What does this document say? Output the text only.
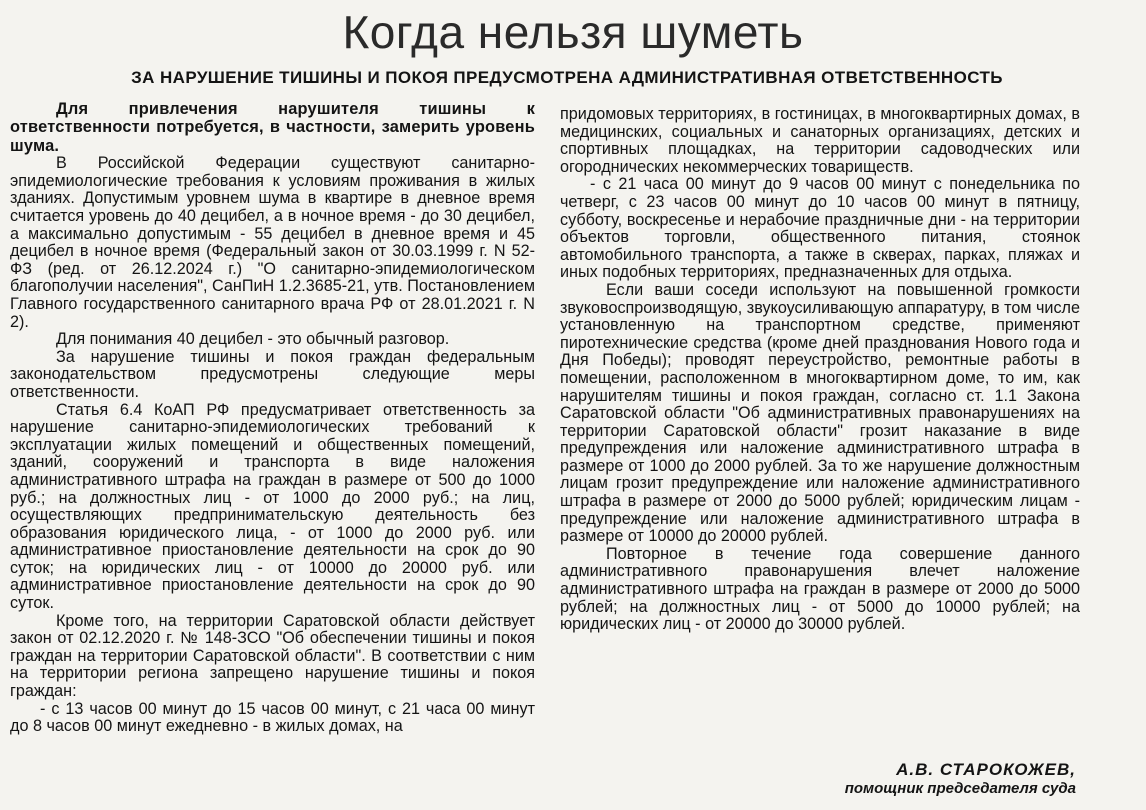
Когда нельзя шуметь
ЗА НАРУШЕНИЕ ТИШИНЫ И ПОКОЯ ПРЕДУСМОТРЕНА АДМИНИСТРАТИВНАЯ ОТВЕТСТВЕННОСТЬ

Для привлечения нарушителя тишины к ответственности потребуется, в частности, замерить уровень шума.

В Российской Федерации существуют санитарно-эпидемиологические требования к условиям проживания в жилых зданиях. Допустимым уровнем шума в квартире в дневное время считается уровень до 40 децибел, а в ночное время - до 30 децибел, а максимально допустимым - 55 децибел в дневное время и 45 децибел в ночное время (Федеральный закон от 30.03.1999 г. N 52-ФЗ (ред. от 26.12.2024 г.) "О санитарно-эпидемиологическом благополучии населения", СанПиН 1.2.3685-21, утв. Постановлением Главного государственного санитарного врача РФ от 28.01.2021 г. N 2).

Для понимания 40 децибел - это обычный разговор.

За нарушение тишины и покоя граждан федеральным законодательством предусмотрены следующие меры ответственности.

Статья 6.4 КоАП РФ предусматривает ответственность за нарушение санитарно-эпидемиологических требований к эксплуатации жилых помещений и общественных помещений, зданий, сооружений и транспорта в виде наложения административного штрафа на граждан в размере от 500 до 1000 руб.; на должностных лиц - от 1000 до 2000 руб.; на лиц, осуществляющих предпринимательскую деятельность без образования юридического лица, - от 1000 до 2000 руб. или административное приостановление деятельности на срок до 90 суток; на юридических лиц - от 10000 до 20000 руб. или административное приостановление деятельности на срок до 90 суток.

Кроме того, на территории Саратовской области действует закон от 02.12.2020 г. № 148-ЗСО "Об обеспечении тишины и покоя граждан на территории Саратовской области". В соответствии с ним на территории региона запрещено нарушение тишины и покоя граждан:

- с 13 часов 00 минут до 15 часов 00 минут, с 21 часа 00 минут до 8 часов 00 минут ежедневно - в жилых домах, на

придомовых территориях, в гостиницах, в многоквартирных домах, в медицинских, социальных и санаторных организациях, детских и спортивных площадках, на территории садоводческих или огороднических некоммерческих товариществ.

- с 21 часа 00 минут до 9 часов 00 минут с понедельника по четверг, с 23 часов 00 минут до 10 часов 00 минут в пятницу, субботу, воскресенье и нерабочие праздничные дни - на территории объектов торговли, общественного питания, стоянок автомобильного транспорта, а также в скверах, парках, пляжах и иных подобных территориях, предназначенных для отдыха.

Если ваши соседи используют на повышенной громкости звуковоспроизводящую, звукоусиливающую аппаратуру, в том числе установленную на транспортном средстве, применяют пиротехнические средства (кроме дней празднования Нового года и Дня Победы); проводят переустройство, ремонтные работы в помещении, расположенном в многоквартирном доме, то им, как нарушителям тишины и покоя граждан, согласно ст. 1.1 Закона Саратовской области "Об административных правонарушениях на территории Саратовской области" грозит наказание в виде предупреждения или наложение административного штрафа в размере от 1000 до 2000 рублей. За то же нарушение должностным лицам грозит предупреждение или наложение административного штрафа в размере от 2000 до 5000 рублей; юридическим лицам - предупреждение или наложение административного штрафа в размере от 10000 до 20000 рублей.

Повторное в течение года совершение данного административного правонарушения влечет наложение административного штрафа на граждан в размере от 2000 до 5000 рублей; на должностных лиц - от 5000 до 10000 рублей; на юридических лиц - от 20000 до 30000 рублей.

А.В. СТАРОКОЖЕВ,
помощник председателя суда
